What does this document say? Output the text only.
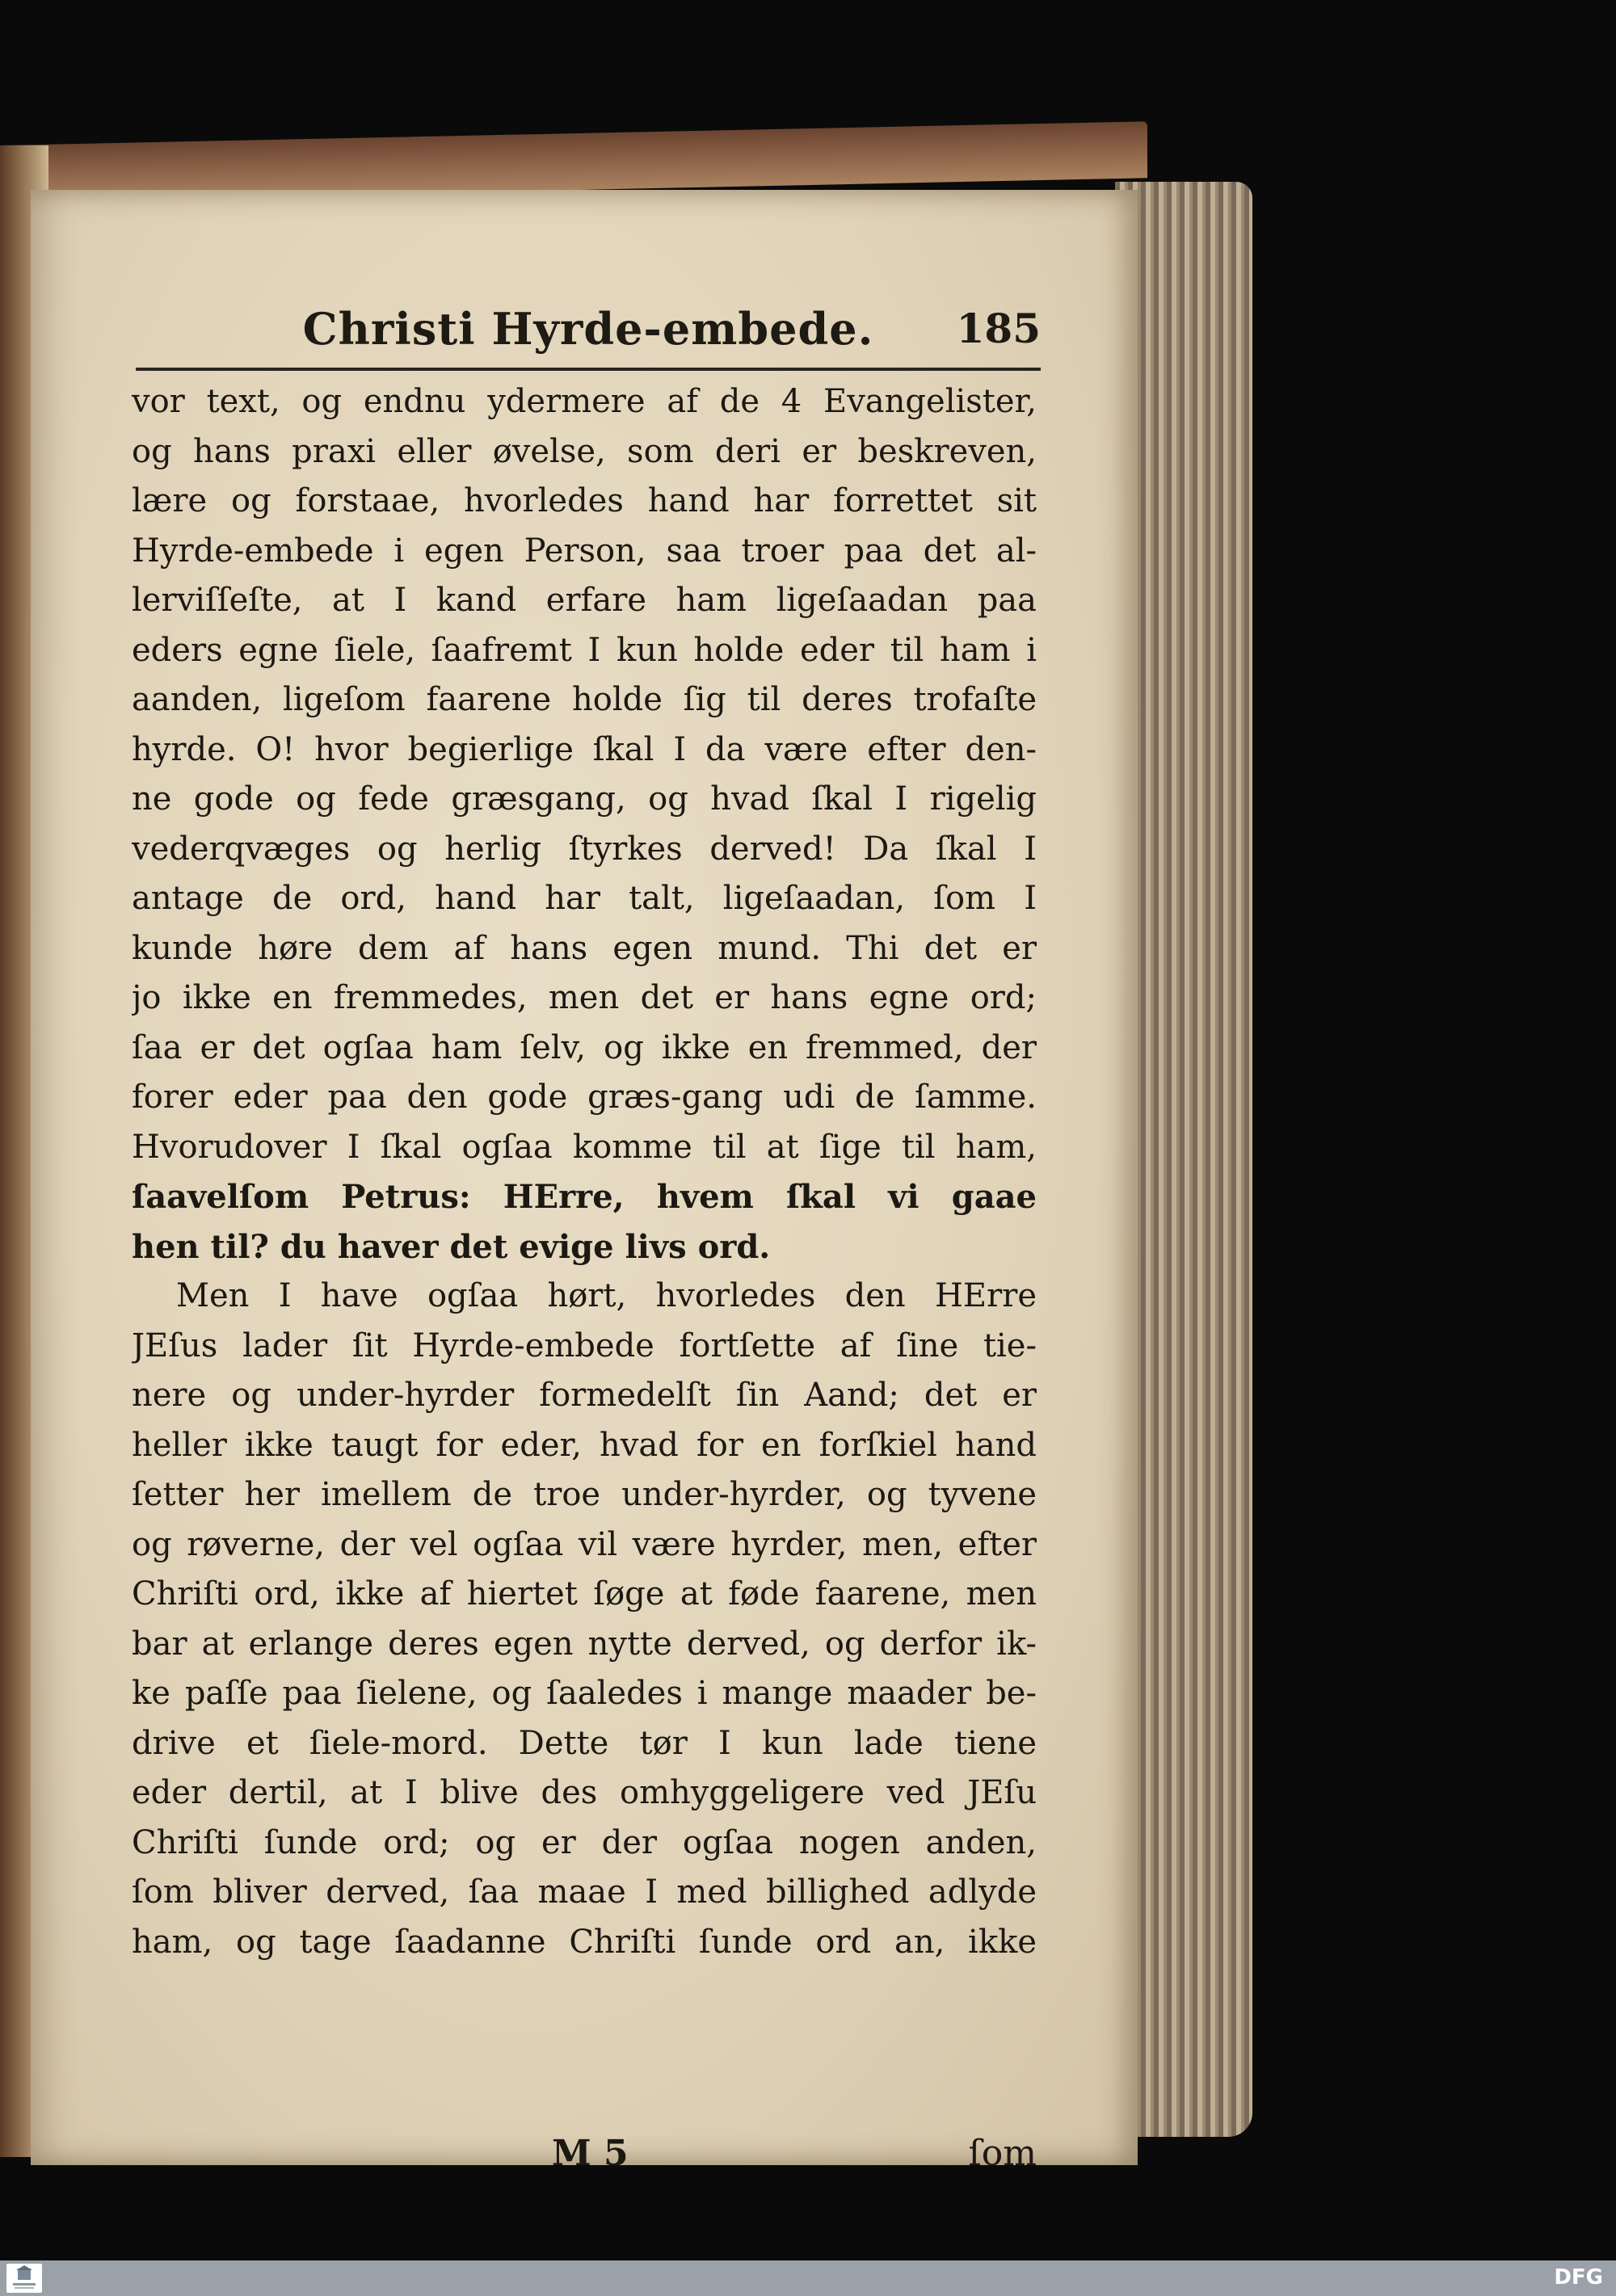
Christi Hyrde-embede.	185
vor text, og endnu ydermere af de 4 Evangelister,
og hans praxi eller øvelse, som deri er beskreven,
lære og forstaae, hvorledes hand har forrettet sit
Hyrde-embede i egen Person, saa troer paa det al-
lerviſſeſte, at I kand erfare ham ligeſaadan paa
eders egne ſiele, ſaafremt I kun holde eder til ham i
aanden, ligeſom faarene holde ſig til deres trofaſte
hyrde. O! hvor begierlige ſkal I da være efter den-
ne gode og fede græsgang, og hvad ſkal I rigelig
vederqvæges og herlig ſtyrkes derved! Da ſkal I
antage de ord, hand har talt, ligeſaadan, ſom I
kunde høre dem af hans egen mund. Thi det er
jo ikke en fremmedes, men det er hans egne ord;
ſaa er det ogſaa ham ſelv, og ikke en fremmed, der
forer eder paa den gode græs-gang udi de ſamme.
Hvorudover I ſkal ogſaa komme til at ſige til ham,
ſaavelſom Petrus: HErre, hvem ſkal vi gaae
hen til? du haver det evige livs ord.
Men I have ogſaa hørt, hvorledes den HErre
JEſus lader ſit Hyrde-embede fortſette af ſine tie-
nere og under-hyrder formedelſt ſin Aand; det er
heller ikke taugt for eder, hvad for en forſkiel hand
ſetter her imellem de troe under-hyrder, og tyvene
og røverne, der vel ogſaa vil være hyrder, men, efter
Chriſti ord, ikke af hiertet ſøge at føde faarene, men
bar at erlange deres egen nytte derved, og derfor ik-
ke paſſe paa ſielene, og ſaaledes i mange maader be-
drive et ſiele-mord. Dette tør I kun lade tiene
eder dertil, at I blive des omhyggeligere ved JEſu
Chriſti ſunde ord; og er der ogſaa nogen anden,
ſom bliver derved, ſaa maae I med billighed adlyde
ham, og tage ſaadanne Chriſti ſunde ord an, ikke
M 5	ſom
DFG
